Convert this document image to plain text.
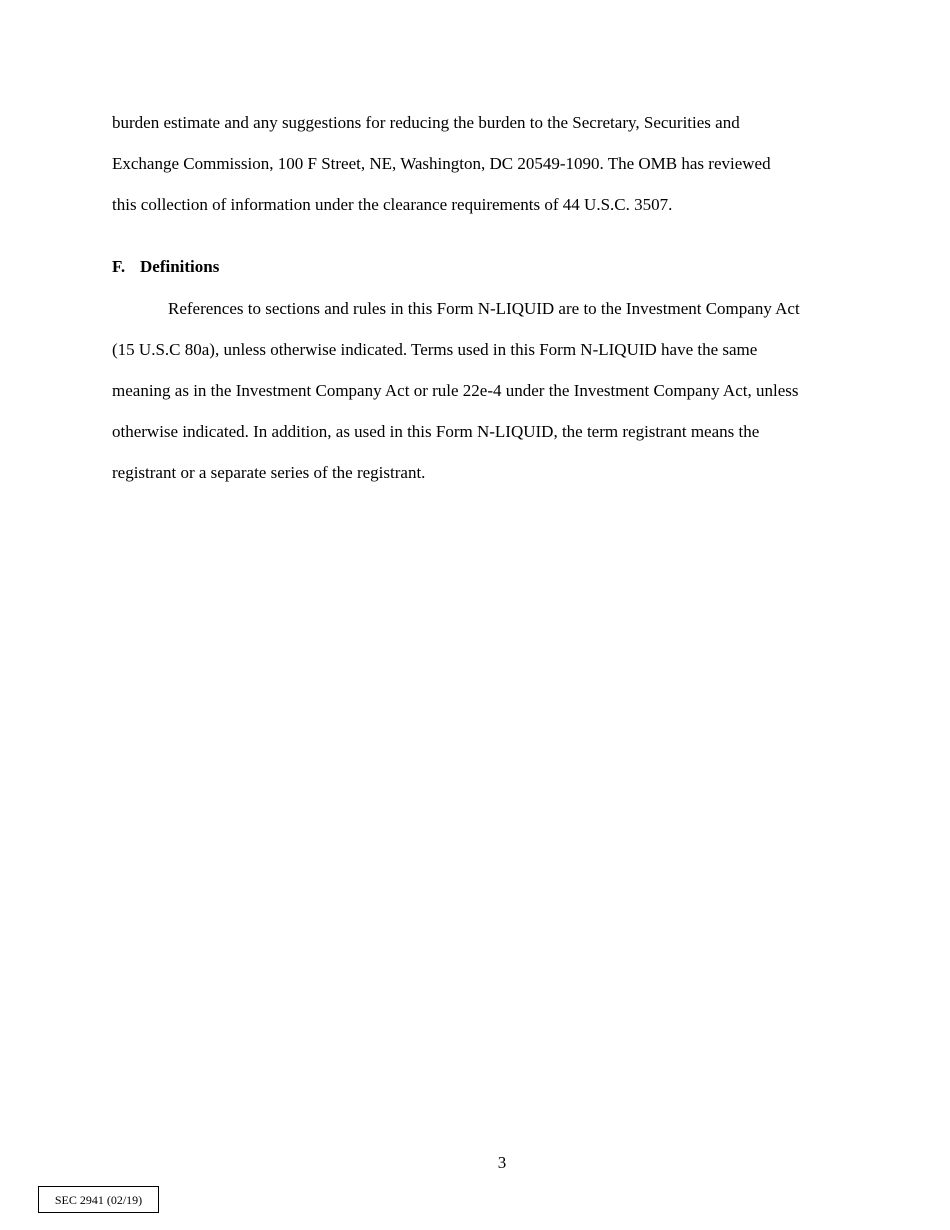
burden estimate and any suggestions for reducing the burden to the Secretary, Securities and
Exchange Commission, 100 F Street, NE, Washington, DC 20549-1090. The OMB has reviewed
this collection of information under the clearance requirements of 44 U.S.C. 3507.
F. Definitions
References to sections and rules in this Form N-LIQUID are to the Investment Company Act
(15 U.S.C 80a), unless otherwise indicated. Terms used in this Form N-LIQUID have the same
meaning as in the Investment Company Act or rule 22e-4 under the Investment Company Act, unless
otherwise indicated. In addition, as used in this Form N-LIQUID, the term registrant means the
registrant or a separate series of the registrant.
3
SEC 2941 (02/19)
